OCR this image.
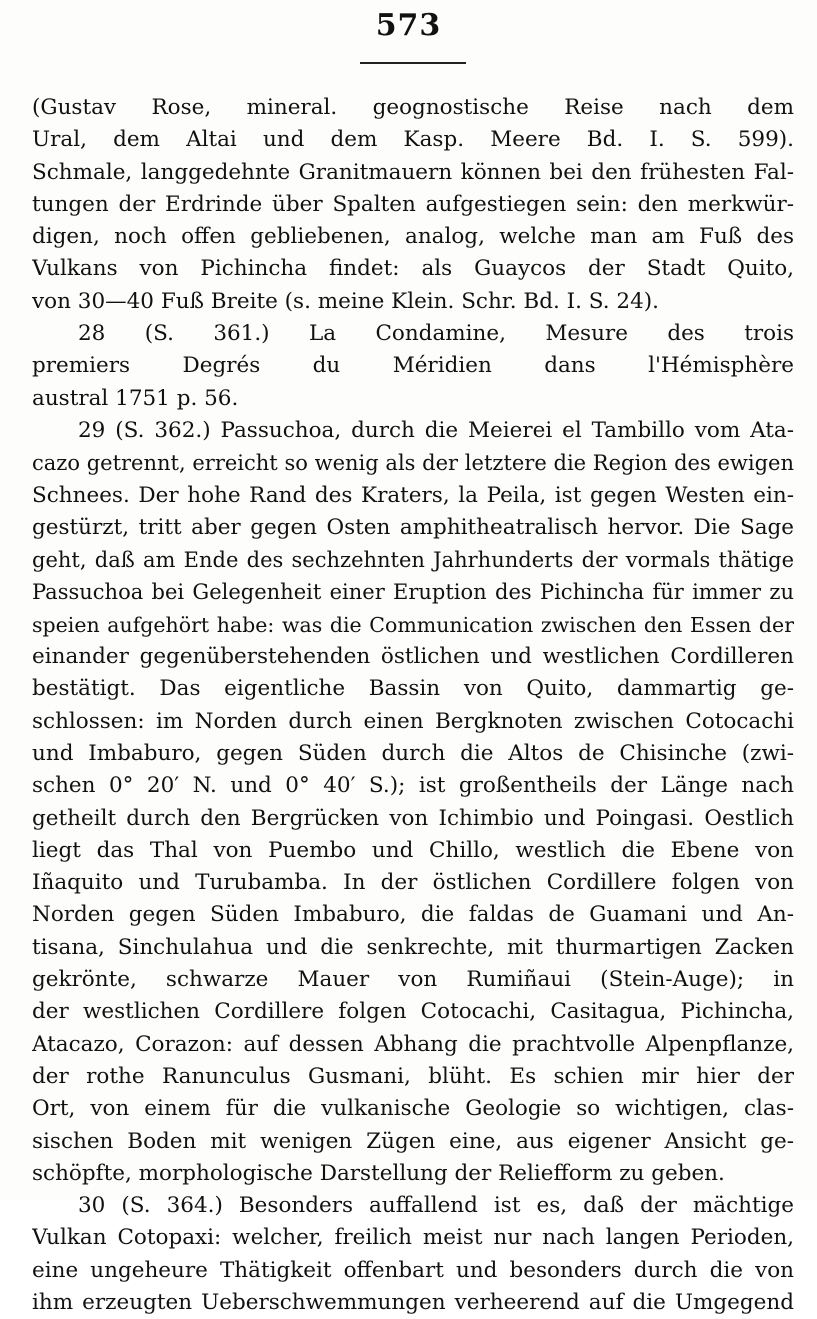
573
(Gustav Rose, mineral. geognostische Reise nach dem
Ural, dem Altai und dem Kasp. Meere Bd. I. S. 599).
Schmale, langgedehnte Granitmauern können bei den frühesten Fal-
tungen der Erdrinde über Spalten aufgestiegen sein: den merkwür-
digen, noch offen gebliebenen, analog, welche man am Fuß des
Vulkans von Pichincha findet: als Guaycos der Stadt Quito,
von 30—40 Fuß Breite (s. meine Klein. Schr. Bd. I. S. 24).
28 (S. 361.) La Condamine, Mesure des trois
premiers Degrés du Méridien dans l'Hémisphère
austral 1751 p. 56.
29 (S. 362.) Passuchoa, durch die Meierei el Tambillo vom Ata-
cazo getrennt, erreicht so wenig als der letztere die Region des ewigen
Schnees. Der hohe Rand des Kraters, la Peila, ist gegen Westen ein-
gestürzt, tritt aber gegen Osten amphitheatralisch hervor. Die Sage
geht, daß am Ende des sechzehnten Jahrhunderts der vormals thätige
Passuchoa bei Gelegenheit einer Eruption des Pichincha für immer zu
speien aufgehört habe: was die Communication zwischen den Essen der
einander gegenüberstehenden östlichen und westlichen Cordilleren
bestätigt. Das eigentliche Bassin von Quito, dammartig ge-
schlossen: im Norden durch einen Bergknoten zwischen Cotocachi
und Imbaburo, gegen Süden durch die Altos de Chisinche (zwi-
schen 0° 20′ N. und 0° 40′ S.); ist großentheils der Länge nach
getheilt durch den Bergrücken von Ichimbio und Poingasi. Oestlich
liegt das Thal von Puembo und Chillo, westlich die Ebene von
Iñaquito und Turubamba. In der östlichen Cordillere folgen von
Norden gegen Süden Imbaburo, die faldas de Guamani und An-
tisana, Sinchulahua und die senkrechte, mit thurmartigen Zacken
gekrönte, schwarze Mauer von Rumiñaui (Stein-Auge); in
der westlichen Cordillere folgen Cotocachi, Casitagua, Pichincha,
Atacazo, Corazon: auf dessen Abhang die prachtvolle Alpenpflanze,
der rothe Ranunculus Gusmani, blüht. Es schien mir hier der
Ort, von einem für die vulkanische Geologie so wichtigen, clas-
sischen Boden mit wenigen Zügen eine, aus eigener Ansicht ge-
schöpfte, morphologische Darstellung der Reliefform zu geben.
30 (S. 364.) Besonders auffallend ist es, daß der mächtige
Vulkan Cotopaxi: welcher, freilich meist nur nach langen Perioden,
eine ungeheure Thätigkeit offenbart und besonders durch die von
ihm erzeugten Ueberschwemmungen verheerend auf die Umgegend
